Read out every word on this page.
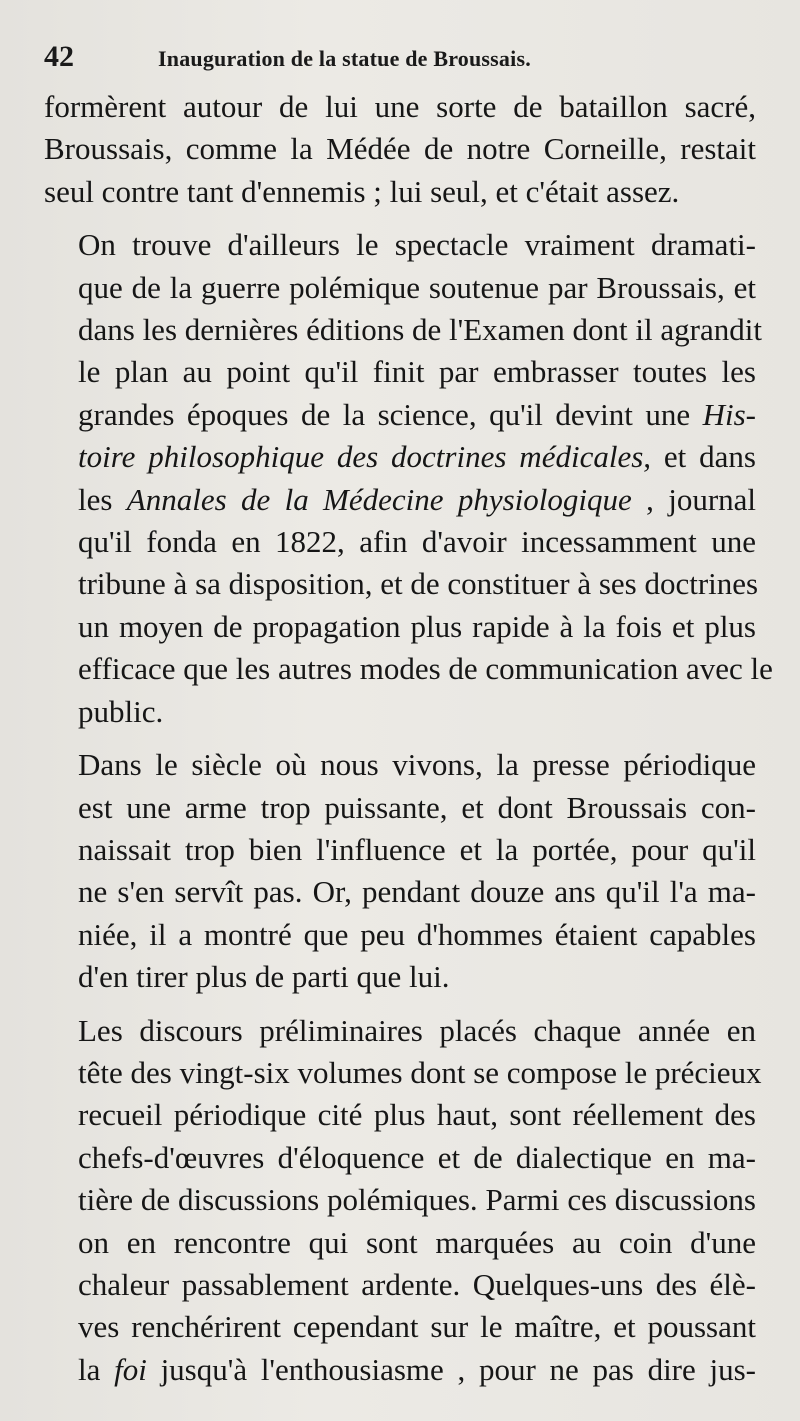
42	Inauguration de la statue de Broussais.

formèrent autour de lui une sorte de bataillon sacré,
Broussais, comme la Médée de notre Corneille, restait
seul contre tant d'ennemis ; lui seul, et c'était assez.

On trouve d'ailleurs le spectacle vraiment dramati-
que de la guerre polémique soutenue par Broussais, et
dans les dernières éditions de l'Examen dont il agrandit
le plan au point qu'il finit par embrasser toutes les
grandes époques de la science, qu'il devint une His-
toire philosophique des doctrines médicales, et dans
les Annales de la Médecine physiologique , journal
qu'il fonda en 1822, afin d'avoir incessamment une
tribune à sa disposition, et de constituer à ses doctrines
un moyen de propagation plus rapide à la fois et plus
efficace que les autres modes de communication avec le
public.

Dans le siècle où nous vivons, la presse périodique
est une arme trop puissante, et dont Broussais con-
naissait trop bien l'influence et la portée, pour qu'il
ne s'en servît pas. Or, pendant douze ans qu'il l'a ma-
niée, il a montré que peu d'hommes étaient capables
d'en tirer plus de parti que lui.

Les discours préliminaires placés chaque année en
tête des vingt-six volumes dont se compose le précieux
recueil périodique cité plus haut, sont réellement des
chefs-d'œuvres d'éloquence et de dialectique en ma-
tière de discussions polémiques. Parmi ces discussions
on en rencontre qui sont marquées au coin d'une
chaleur passablement ardente. Quelques-uns des élè-
ves renchérirent cependant sur le maître, et poussant
la foi jusqu'à l'enthousiasme , pour ne pas dire jus-
